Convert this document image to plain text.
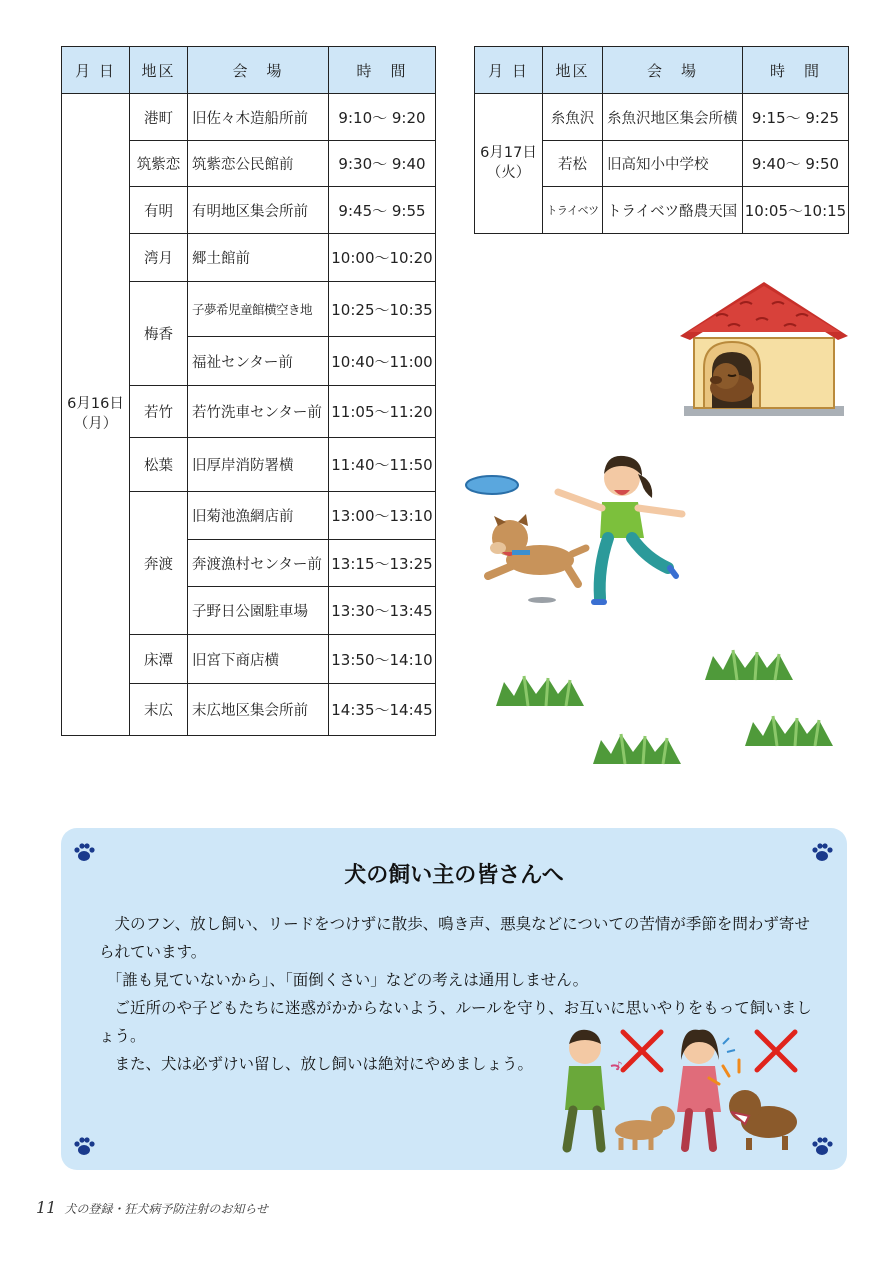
月 日	地区	会　場	時　間
6月16日
（月）	港町	旧佐々木造船所前	9:10～ 9:20
	筑紫恋	筑紫恋公民館前	9:30～ 9:40
	有明	有明地区集会所前	9:45～ 9:55
	湾月	郷土館前	10:00～10:20
	梅香	子夢希児童館横空き地	10:25～10:35
		福祉センター前	10:40～11:00
	若竹	若竹洗車センター前	11:05～11:20
	松葉	旧厚岸消防署横	11:40～11:50
	奔渡	旧菊池漁網店前	13:00～13:10
		奔渡漁村センター前	13:15～13:25
		子野日公園駐車場	13:30～13:45
	床潭	旧宮下商店横	13:50～14:10
	末広	末広地区集会所前	14:35～14:45
月 日	地区	会　場	時　間
6月17日
（火）	糸魚沢	糸魚沢地区集会所横	9:15～ 9:25
	若松	旧高知小中学校	9:40～ 9:50
	トライベツ	トライベツ酪農天国	10:05～10:15
犬の飼い主の皆さんへ

犬のフン、放し飼い、リードをつけずに散歩、鳴き声、悪臭などについての苦情が季節を問わず寄せられています。

「誰も見ていないから」、「面倒くさい」などの考えは通用しません。

ご近所のや子どもたちに迷惑がかからないよう、ルールを守り、お互いに思いやりをもって飼いましょう。

また、犬は必ずけい留し、放し飼いは絶対にやめましょう。	♪
11 犬の登録・狂犬病予防注射のお知らせ
